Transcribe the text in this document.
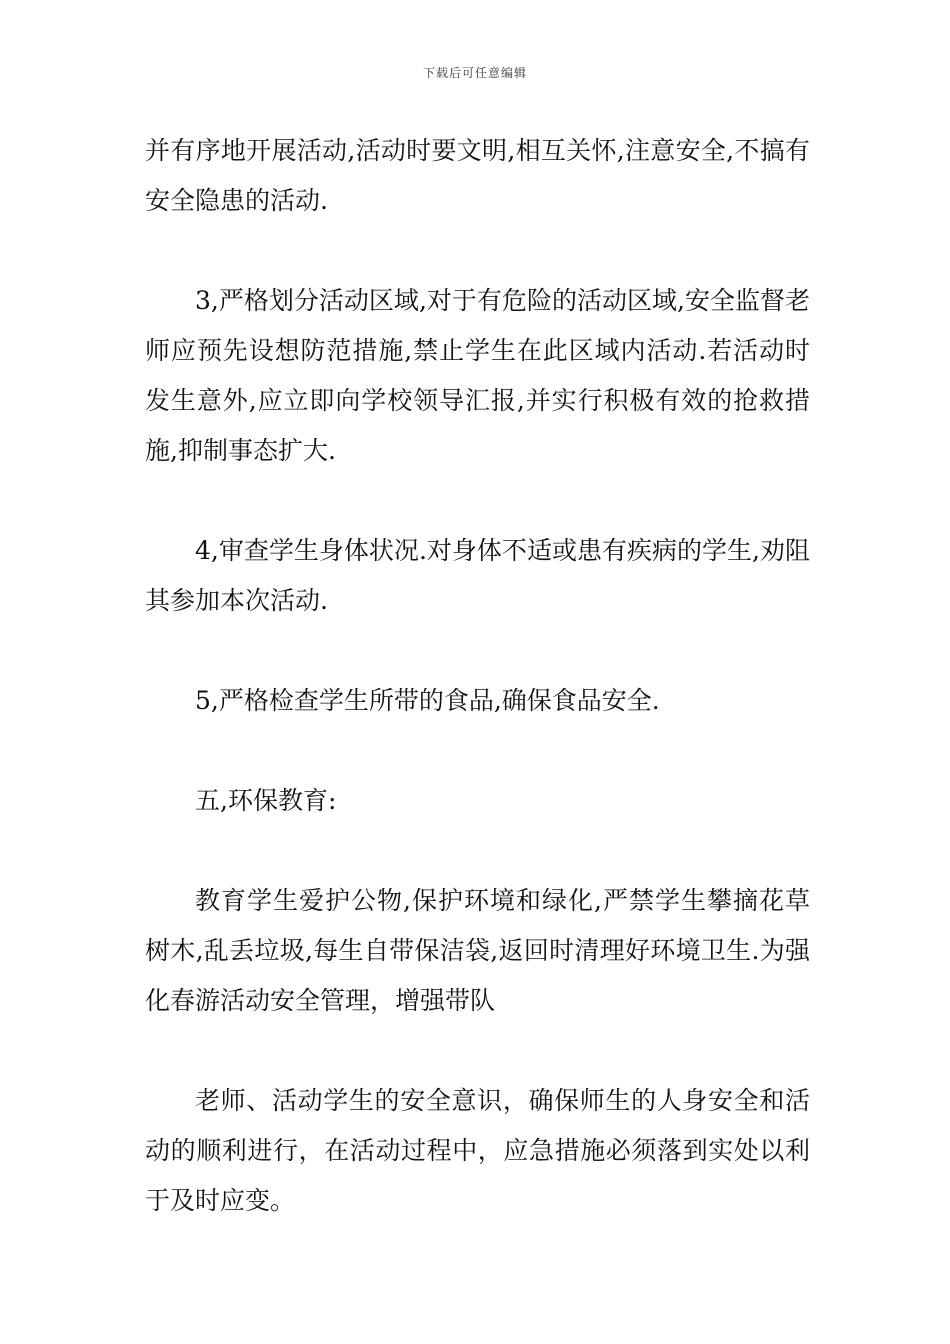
下载后可任意编辑

并有序地开展活动,活动时要文明,相互关怀,注意安全,不搞有安全隐患的活动.

3,严格划分活动区域,对于有危险的活动区域,安全监督老师应预先设想防范措施,禁止学生在此区域内活动.若活动时发生意外,应立即向学校领导汇报,并实行积极有效的抢救措施,抑制事态扩大.

4,审查学生身体状况.对身体不适或患有疾病的学生,劝阻其参加本次活动.

5,严格检查学生所带的食品,确保食品安全.

五,环保教育:

教育学生爱护公物,保护环境和绿化,严禁学生攀摘花草树木,乱丢垃圾,每生自带保洁袋,返回时清理好环境卫生.为强化春游活动安全管理，增强带队

老师、活动学生的安全意识，确保师生的人身安全和活动的顺利进行，在活动过程中，应急措施必须落到实处以利于及时应变。
